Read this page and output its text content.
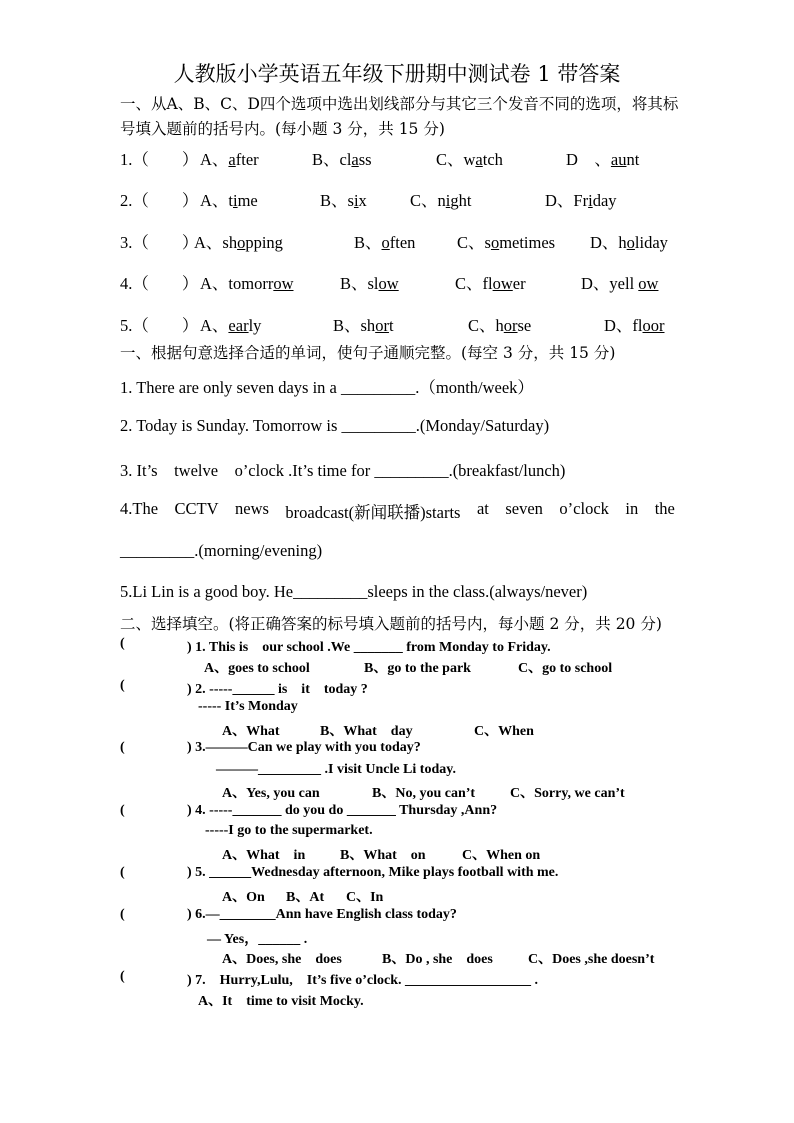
人教版小学英语五年级下册期中测试卷 1 带答案
一、从A、B、C、D四个选项中选出划线部分与其它三个发音不同的选项，将其标号填入题前的括号内。(每小题 3 分，共 15 分)
1.（　　） A、after	B、class	C、watch	D　、aunt
2.（　　） A、time	B、six	C、night	D、Friday
3.（　　）
A、shopping	B、often	C、sometimes D、holiday
4.（　　） A、tomorrow	B、slow	C、flower	D、yell ow
5.（　　） A、early	B、short	C、horse	D、floor
一、根据句意选择合适的单词，使句子通顺完整。(每空 3 分，共 15 分)
1. There are only seven days in a _________.（month/week）
2. Today is Sunday. Tomorrow is _________.(Monday/Saturday)
3. It’s　twelve　o’clock .It’s time for _________.(breakfast/lunch)
4.The CCTV news broadcast(新闻联播)starts at seven o’clock in the
_________.(morning/evening)
5.Li Lin is a good boy. He_________sleeps in the class.(always/never)
二、选择填空。(将正确答案的标号填入题前的括号内，每小题 2 分，共 20 分)
(	) 1. This is　our school .We _______ from Monday to Friday.
A、goes to school	B、go to the park	C、go to school
(	) 2. -----______ is　it　today ?
----- It’s Monday
A、What	B、What　day	C、When
(	) 3.———Can we play with you today?
———_________ .I visit Uncle Li today.
A、Yes, you can	B、No, you can’t C、Sorry, we can’t
(	) 4. -----_______ do you do _______ Thursday ,Ann?
-----I go to the supermarket.
A、What　in B、What　on	C、When on
(	) 5. ______Wednesday afternoon, Mike plays football with me.
A、On B、At C、In
(	) 6.—________Ann have English class today?
— Yes，______ .
A、Does, she　does	B、Do , she　does	C、Does ,she doesn’t
(	) 7.　Hurry,Lulu,　It’s five o’clock. __________________ .
A、It　time to visit Mocky.
